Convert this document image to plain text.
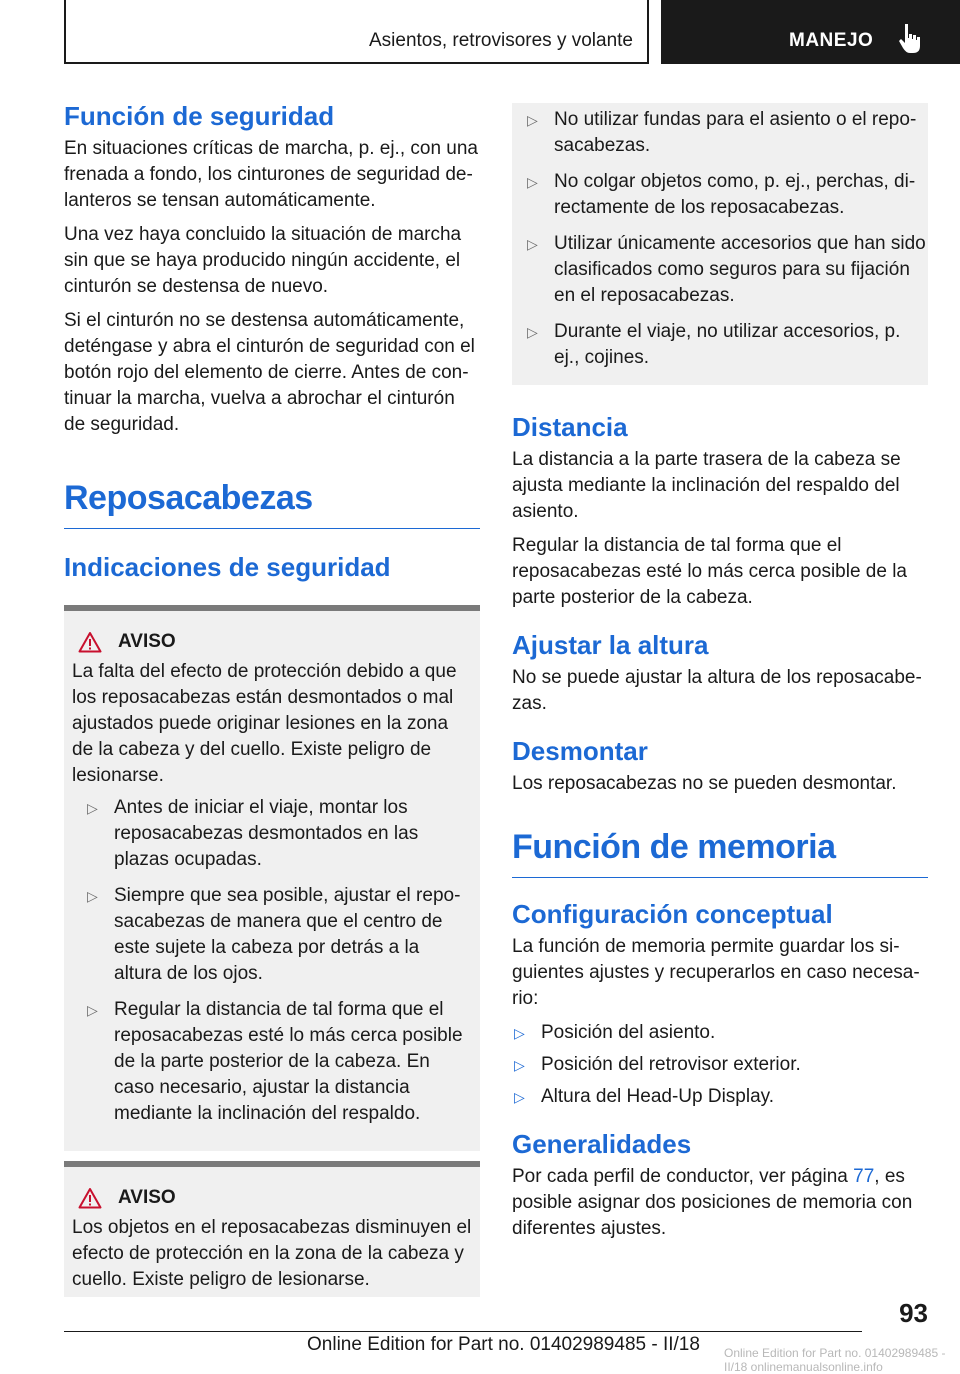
Asientos, retrovisores y volante	MANEJO
Función de seguridad

En situaciones críticas de marcha, p. ej., con una frenada a fondo, los cinturones de seguridad delanteros se tensan automáticamente.

Una vez haya concluido la situación de marcha sin que se haya producido ningún accidente, el cinturón se destensa de nuevo.

Si el cinturón no se destensa automáticamente, deténgase y abra el cinturón de seguridad con el botón rojo del elemento de cierre. Antes de continuar la marcha, vuelva a abrochar el cinturón de seguridad.

Reposacabezas
Indicaciones de seguridad
AVISO

La falta del efecto de protección debido a que los reposacabezas están desmontados o mal ajustados puede originar lesiones en la zona de la cabeza y del cuello. Existe peligro de lesionarse.

▷ Antes de iniciar el viaje, montar los reposacabezas desmontados en las plazas ocupadas.
▷ Siempre que sea posible, ajustar el reposacabezas de manera que el centro de este sujete la cabeza por detrás a la altura de los ojos.
▷ Regular la distancia de tal forma que el reposacabezas esté lo más cerca posible de la parte posterior de la cabeza. En caso necesario, ajustar la distancia mediante la inclinación del respaldo.
AVISO

Los objetos en el reposacabezas disminuyen el efecto de protección en la zona de la cabeza y cuello. Existe peligro de lesionarse.

▷ No utilizar fundas para el asiento o el reposacabezas.
▷ No colgar objetos como, p. ej., perchas, directamente de los reposacabezas.
▷ Utilizar únicamente accesorios que han sido clasificados como seguros para su fijación en el reposacabezas.
▷ Durante el viaje, no utilizar accesorios, p. ej., cojines.
Distancia

La distancia a la parte trasera de la cabeza se ajusta mediante la inclinación del respaldo del asiento.

Regular la distancia de tal forma que el reposacabezas esté lo más cerca posible de la parte posterior de la cabeza.

Ajustar la altura

No se puede ajustar la altura de los reposacabezas.

Desmontar

Los reposacabezas no se pueden desmontar.

Función de memoria
Configuración conceptual

La función de memoria permite guardar los siguientes ajustes y recuperarlos en caso necesario:

▷ Posición del asiento.
▷ Posición del retrovisor exterior.
▷ Altura del Head-Up Display.
Generalidades

Por cada perfil de conductor, ver página 77, es posible asignar dos posiciones de memoria con diferentes ajustes.

93
Online Edition for Part no. 01402989485 - II/18 Online Edition for Part no. 01402989485 - II/18 onlinemanualsonline.info
